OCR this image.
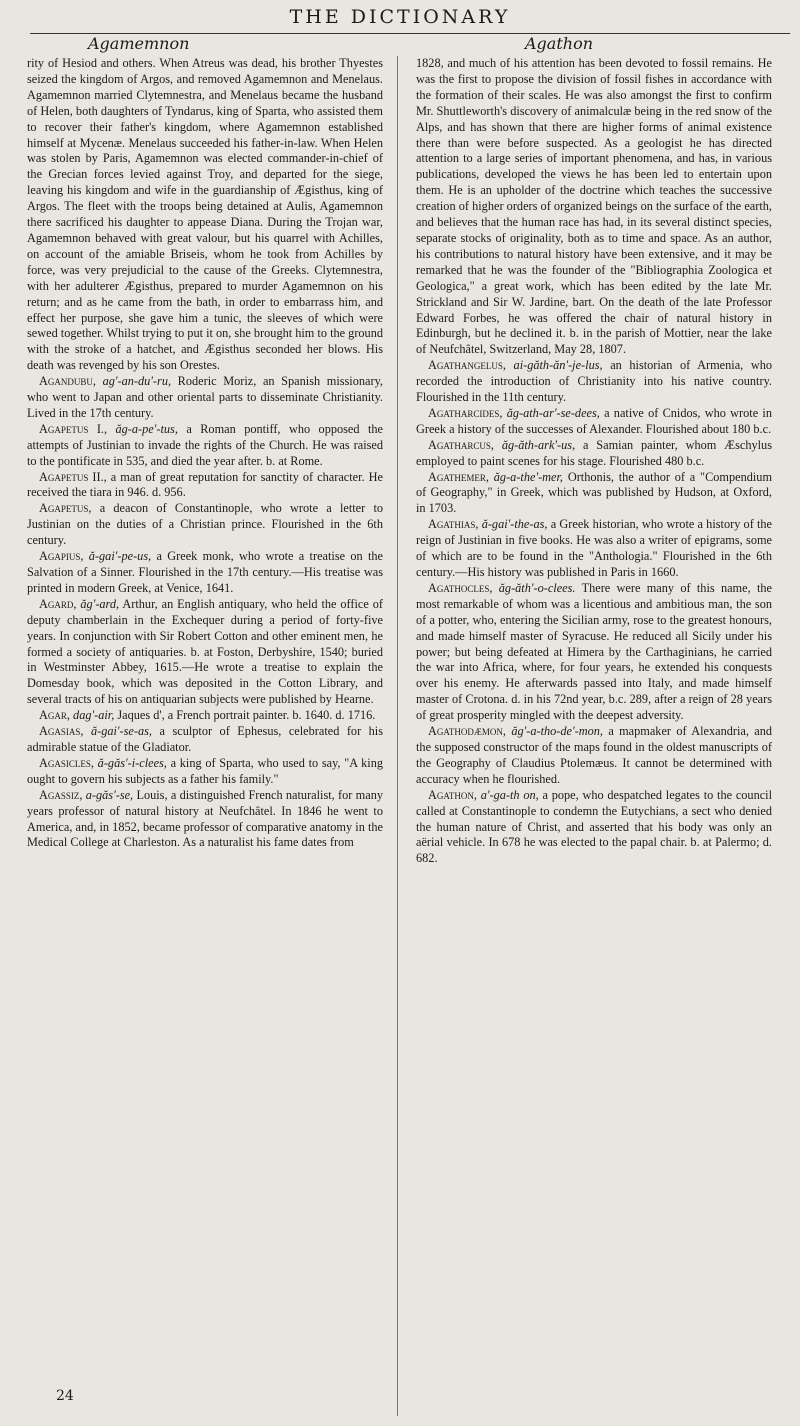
THE DICTIONARY
Agamemnon	Agathon

rity of Hesiod and others. When Atreus was dead, his brother Thyestes seized the kingdom of Argos, and removed Agamemnon and Menelaus. Agamemnon married Clytemnestra, and Menelaus became the husband of Helen, both daughters of Tyndarus, king of Sparta, who assisted them to recover their father's kingdom, where Agamemnon established himself at Mycenæ. Menelaus succeeded his father-in-law. When Helen was stolen by Paris, Agamemnon was elected commander-in-chief of the Grecian forces levied against Troy, and departed for the siege, leaving his kingdom and wife in the guardianship of Ægisthus, king of Argos. The fleet with the troops being detained at Aulis, Agamemnon there sacrificed his daughter to appease Diana. During the Trojan war, Agamemnon behaved with great valour, but his quarrel with Achilles, on account of the amiable Briseis, whom he took from Achilles by force, was very prejudicial to the cause of the Greeks. Clytemnestra, with her adulterer Ægisthus, prepared to murder Agamemnon on his return; and as he came from the bath, in order to embarrass him, and effect her purpose, she gave him a tunic, the sleeves of which were sewed together. Whilst trying to put it on, she brought him to the ground with the stroke of a hatchet, and Ægisthus seconded her blows. His death was revenged by his son Orestes.

Agandubu, ag'-an-du'-ru, Roderic Moriz, an Spanish missionary, who went to Japan and other oriental parts to disseminate Christianity. Lived in the 17th century.

Agapetus I., ăg-a-pe'-tus, a Roman pontiff, who opposed the attempts of Justinian to invade the rights of the Church. He was raised to the pontificate in 535, and died the year after. b. at Rome.

Agapetus II., a man of great reputation for sanctity of character. He received the tiara in 946. d. 956.

Agapetus, a deacon of Constantinople, who wrote a letter to Justinian on the duties of a Christian prince. Flourished in the 6th century.

Agapius, ă-gai'-pe-us, a Greek monk, who wrote a treatise on the Salvation of a Sinner. Flourished in the 17th century.—His treatise was printed in modern Greek, at Venice, 1641.

Agard, ăg'-ard, Arthur, an English antiquary, who held the office of deputy chamberlain in the Exchequer during a period of forty-five years. In conjunction with Sir Robert Cotton and other eminent men, he formed a society of antiquaries. b. at Foston, Derbyshire, 1540; buried in Westminster Abbey, 1615.—He wrote a treatise to explain the Domesday book, which was deposited in the Cotton Library, and several tracts of his on antiquarian subjects were published by Hearne.

Agar, dag'-air, Jaques d', a French portrait painter. b. 1640. d. 1716.

Agasias, ă-gai'-se-as, a sculptor of Ephesus, celebrated for his admirable statue of the Gladiator.

Agasicles, ă-găs'-i-clees, a king of Sparta, who used to say, "A king ought to govern his subjects as a father his family."

Agassiz, a-găs'-se, Louis, a distinguished French naturalist, for many years professor of natural history at Neufchâtel. In 1846 he went to America, and, in 1852, became professor of comparative anatomy in the Medical College at Charleston. As a naturalist his fame dates from

1828, and much of his attention has been devoted to fossil remains. He was the first to propose the division of fossil fishes in accordance with the formation of their scales. He was also amongst the first to confirm Mr. Shuttleworth's discovery of animalculæ being in the red snow of the Alps, and has shown that there are higher forms of animal existence there than were before suspected. As a geologist he has directed attention to a large series of important phenomena, and has, in various publications, developed the views he has been led to entertain upon them. He is an upholder of the doctrine which teaches the successive creation of higher orders of organized beings on the surface of the earth, and believes that the human race has had, in its several distinct species, separate stocks of originality, both as to time and space. As an author, his contributions to natural history have been extensive, and it may be remarked that he was the founder of the "Bibliographia Zoologica et Geologica," a great work, which has been edited by the late Mr. Strickland and Sir W. Jardine, bart. On the death of the late Professor Edward Forbes, he was offered the chair of natural history in Edinburgh, but he declined it. b. in the parish of Mottier, near the lake of Neufchâtel, Switzerland, May 28, 1807.

Agathangelus, ai-găth-ăn'-je-lus, an historian of Armenia, who recorded the introduction of Christianity into his native country. Flourished in the 11th century.

Agatharcides, ăg-ath-ar'-se-dees, a native of Cnidos, who wrote in Greek a history of the successes of Alexander. Flourished about 180 b.c.

Agatharcus, ăg-ăth-ark'-us, a Samian painter, whom Æschylus employed to paint scenes for his stage. Flourished 480 b.c.

Agathemer, ăg-a-the'-mer, Orthonis, the author of a "Compendium of Geography," in Greek, which was published by Hudson, at Oxford, in 1703.

Agathias, ă-gai'-the-as, a Greek historian, who wrote a history of the reign of Justinian in five books. He was also a writer of epigrams, some of which are to be found in the "Anthologia." Flourished in the 6th century.—His history was published in Paris in 1660.

Agathocles, ăg-ăth'-o-clees. There were many of this name, the most remarkable of whom was a licentious and ambitious man, the son of a potter, who, entering the Sicilian army, rose to the greatest honours, and made himself master of Syracuse. He reduced all Sicily under his power; but being defeated at Himera by the Carthaginians, he carried the war into Africa, where, for four years, he extended his conquests over his enemy. He afterwards passed into Italy, and made himself master of Crotona. d. in his 72nd year, b.c. 289, after a reign of 28 years of great prosperity mingled with the deepest adversity.

Agathodæmon, ăg'-a-tho-de'-mon, a mapmaker of Alexandria, and the supposed constructor of the maps found in the oldest manuscripts of the Geography of Claudius Ptolemæus. It cannot be determined with accuracy when he flourished.

Agathon, a'-ga-th on, a pope, who despatched legates to the council called at Constantinople to condemn the Eutychians, a sect who denied the human nature of Christ, and asserted that his body was only an aërial vehicle. In 678 he was elected to the papal chair. b. at Palermo; d. 682.

24
